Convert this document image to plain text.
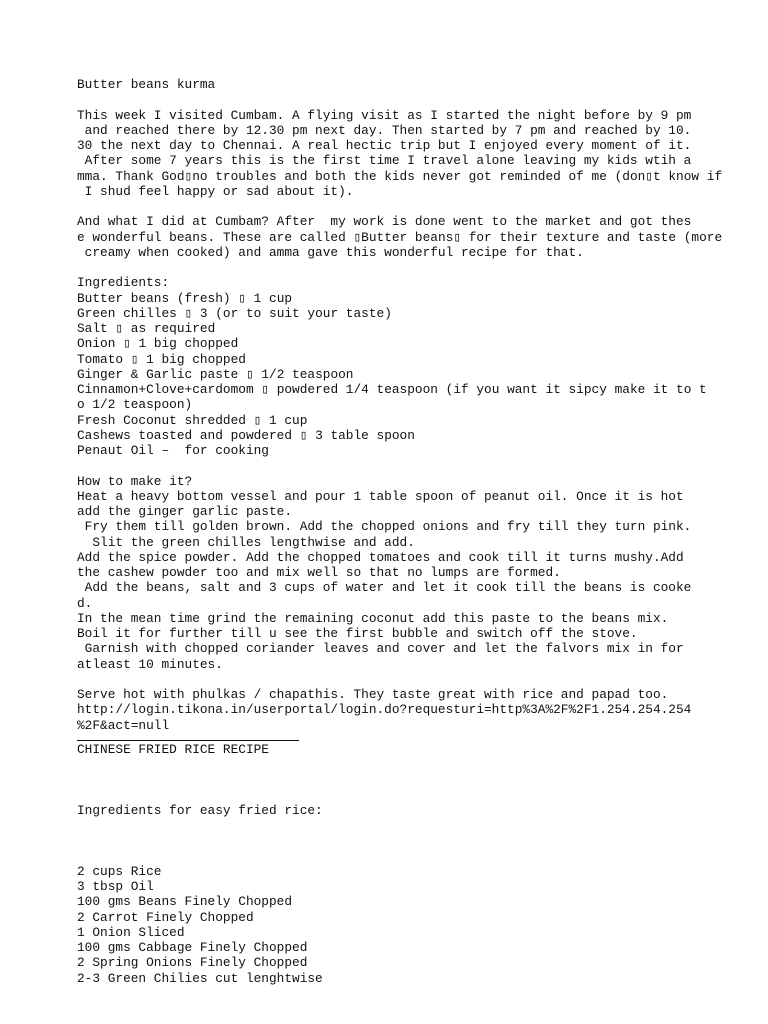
Butter beans kurma
This week I visited Cumbam. A flying visit as I started the night before by 9 pm
and reached there by 12.30 pm next day. Then started by 7 pm and reached by 10.
30 the next day to Chennai. A real hectic trip but I enjoyed every moment of it.
After some 7 years this is the first time I travel alone leaving my kids wtih a
mma. Thank God▯no troubles and both the kids never got reminded of me (don▯t know if
I shud feel happy or sad about it).
And what I did at Cumbam? After  my work is done went to the market and got thes
e wonderful beans. These are called ▯Butter beans▯ for their texture and taste (more
creamy when cooked) and amma gave this wonderful recipe for that.
Ingredients:
Butter beans (fresh) ▯ 1 cup
Green chilles ▯ 3 (or to suit your taste)
Salt ▯ as required
Onion ▯ 1 big chopped
Tomato ▯ 1 big chopped
Ginger & Garlic paste ▯ 1/2 teaspoon
Cinnamon+Clove+cardomom ▯ powdered 1/4 teaspoon (if you want it sipcy make it to t
o 1/2 teaspoon)
Fresh Coconut shredded ▯ 1 cup
Cashews toasted and powdered ▯ 3 table spoon
Penaut Oil –  for cooking
How to make it?
Heat a heavy bottom vessel and pour 1 table spoon of peanut oil. Once it is hot
add the ginger garlic paste.
Fry them till golden brown. Add the chopped onions and fry till they turn pink.
Slit the green chilles lengthwise and add.
Add the spice powder. Add the chopped tomatoes and cook till it turns mushy.Add
the cashew powder too and mix well so that no lumps are formed.
Add the beans, salt and 3 cups of water and let it cook till the beans is cooke
d.
In the mean time grind the remaining coconut add this paste to the beans mix.
Boil it for further till u see the first bubble and switch off the stove.
Garnish with chopped coriander leaves and cover and let the falvors mix in for
atleast 10 minutes.
Serve hot with phulkas / chapathis. They taste great with rice and papad too.
http://login.tikona.in/userportal/login.do?requesturi=http%3A%2F%2F1.254.254.254
%2F&act=null
CHINESE FRIED RICE RECIPE
Ingredients for easy fried rice:
2 cups Rice
3 tbsp Oil
100 gms Beans Finely Chopped
2 Carrot Finely Chopped
1 Onion Sliced
100 gms Cabbage Finely Chopped
2 Spring Onions Finely Chopped
2-3 Green Chilies cut lenghtwise
